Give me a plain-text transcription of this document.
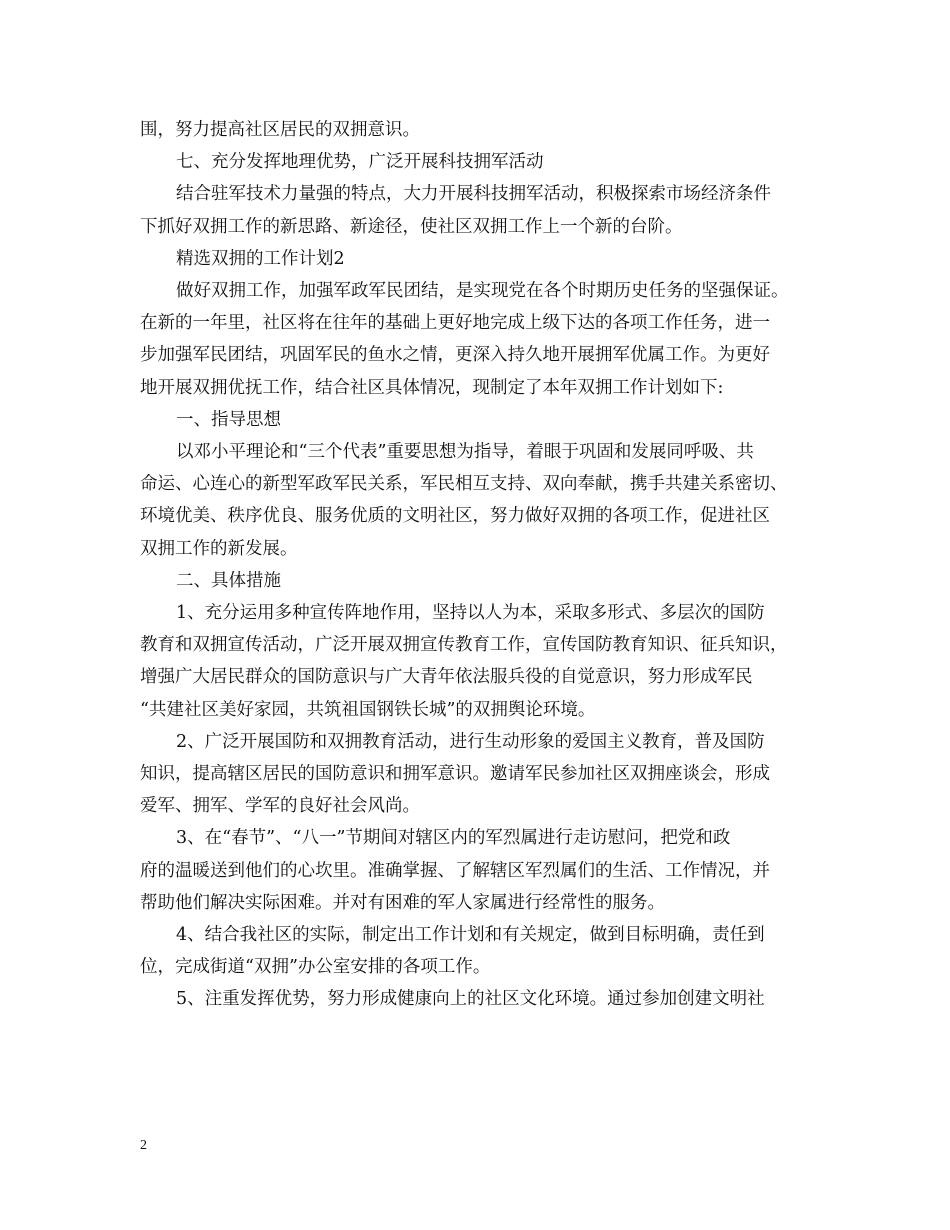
围，努力提高社区居民的双拥意识。

七、充分发挥地理优势，广泛开展科技拥军活动

结合驻军技术力量强的特点，大力开展科技拥军活动，积极探索市场经济条件

下抓好双拥工作的新思路、新途径，使社区双拥工作上一个新的台阶。

精选双拥的工作计划2

做好双拥工作，加强军政军民团结，是实现党在各个时期历史任务的坚强保证。

在新的一年里，社区将在往年的基础上更好地完成上级下达的各项工作任务，进一

步加强军民团结，巩固军民的鱼水之情，更深入持久地开展拥军优属工作。为更好

地开展双拥优抚工作，结合社区具体情况，现制定了本年双拥工作计划如下:

一、指导思想

以邓小平理论和“三个代表”重要思想为指导，着眼于巩固和发展同呼吸、共

命运、心连心的新型军政军民关系，军民相互支持、双向奉献，携手共建关系密切、

环境优美、秩序优良、服务优质的文明社区，努力做好双拥的各项工作，促进社区

双拥工作的新发展。

二、具体措施

1、充分运用多种宣传阵地作用，坚持以人为本，采取多形式、多层次的国防

教育和双拥宣传活动，广泛开展双拥宣传教育工作，宣传国防教育知识、征兵知识，

增强广大居民群众的国防意识与广大青年依法服兵役的自觉意识，努力形成军民

“共建社区美好家园，共筑祖国钢铁长城”的双拥舆论环境。

2、广泛开展国防和双拥教育活动，进行生动形象的爱国主义教育，普及国防

知识，提高辖区居民的国防意识和拥军意识。邀请军民参加社区双拥座谈会，形成

爱军、拥军、学军的良好社会风尚。

3、在“春节”、“八一”节期间对辖区内的军烈属进行走访慰问，把党和政

府的温暖送到他们的心坎里。准确掌握、了解辖区军烈属们的生活、工作情况，并

帮助他们解决实际困难。并对有困难的军人家属进行经常性的服务。

4、结合我社区的实际，制定出工作计划和有关规定，做到目标明确，责任到

位，完成街道“双拥”办公室安排的各项工作。

5、注重发挥优势，努力形成健康向上的社区文化环境。通过参加创建文明社

2
